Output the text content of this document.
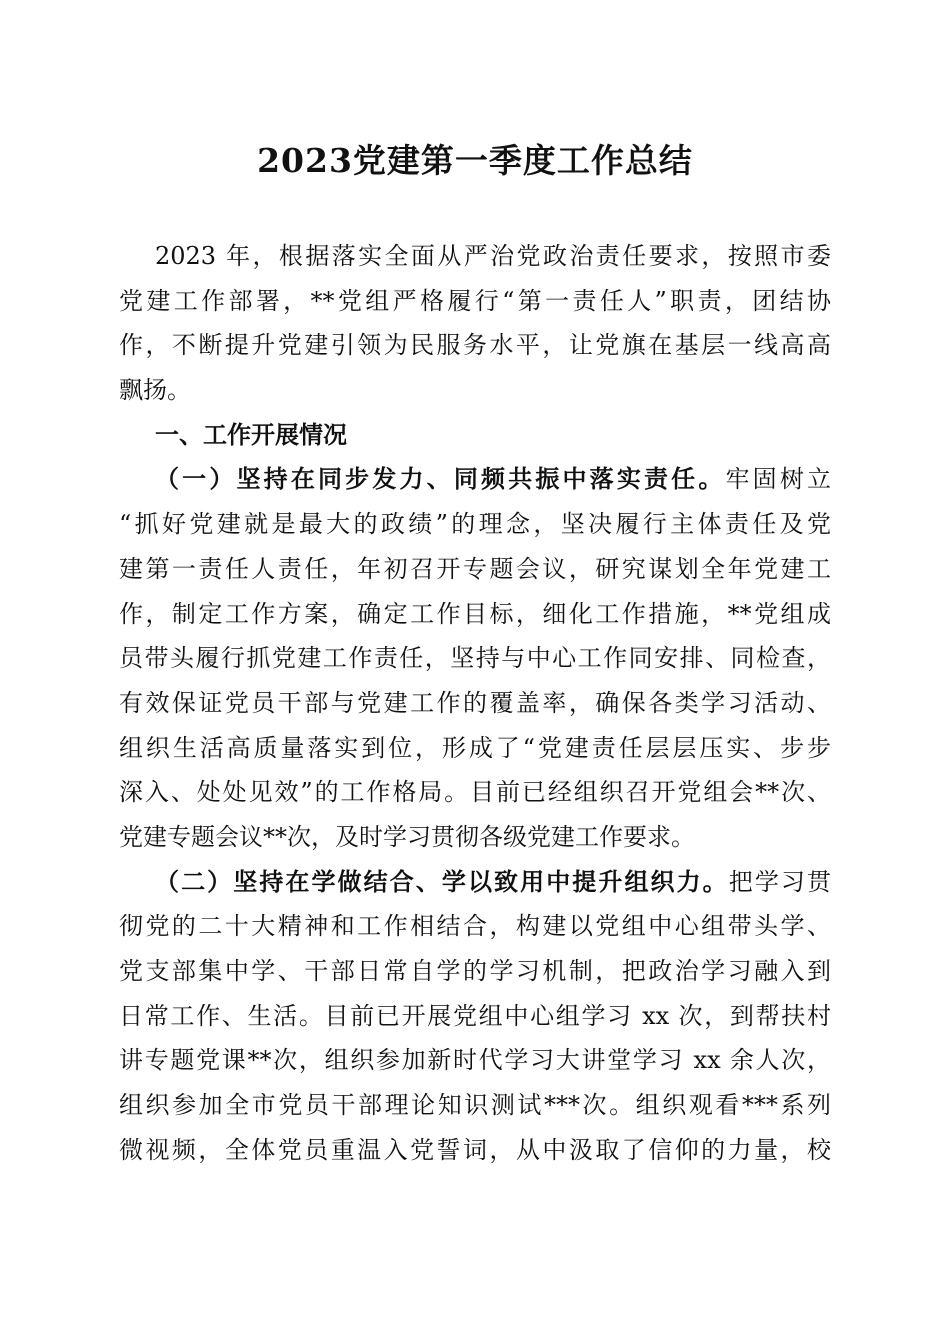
2023党建第一季度工作总结
2023 年，根据落实全面从严治党政治责任要求，按照市委
党建工作部署，**党组严格履行“第一责任人”职责，团结协
作，不断提升党建引领为民服务水平，让党旗在基层一线高高
飘扬。
一、工作开展情况
（一）坚持在同步发力、同频共振中落实责任。牢固树立
“抓好党建就是最大的政绩”的理念，坚决履行主体责任及党
建第一责任人责任，年初召开专题会议，研究谋划全年党建工
作，制定工作方案，确定工作目标，细化工作措施，**党组成
员带头履行抓党建工作责任，坚持与中心工作同安排、同检查，
有效保证党员干部与党建工作的覆盖率，确保各类学习活动、
组织生活高质量落实到位，形成了“党建责任层层压实、步步
深入、处处见效”的工作格局。目前已经组织召开党组会**次、
党建专题会议**次，及时学习贯彻各级党建工作要求。
（二）坚持在学做结合、学以致用中提升组织力。把学习贯
彻党的二十大精神和工作相结合，构建以党组中心组带头学、
党支部集中学、干部日常自学的学习机制，把政治学习融入到
日常工作、生活。目前已开展党组中心组学习 xx 次，到帮扶村
讲专题党课**次，组织参加新时代学习大讲堂学习 xx 余人次，
组织参加全市党员干部理论知识测试***次。组织观看***系列
微视频，全体党员重温入党誓词，从中汲取了信仰的力量，校
